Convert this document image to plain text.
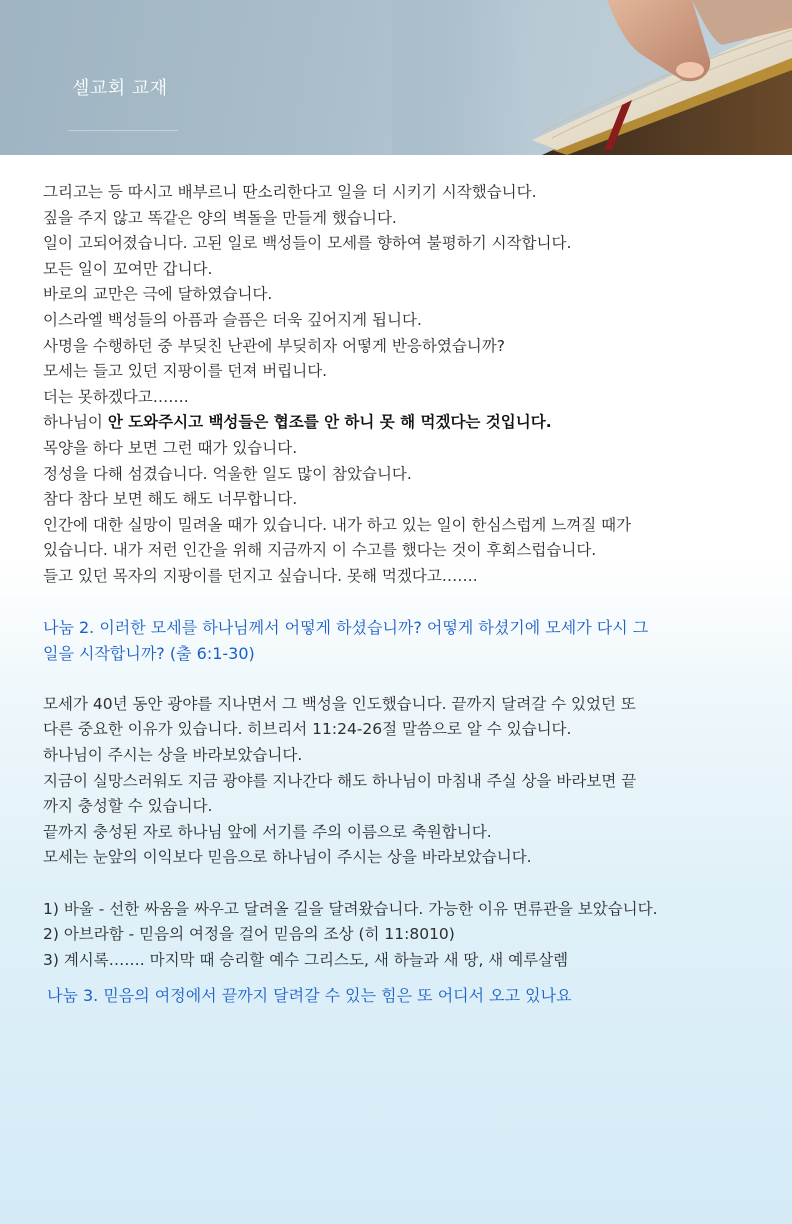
셀교회 교재
그리고는 등 따시고 배부르니 딴소리한다고 일을 더 시키기 시작했습니다.
짚을 주지 않고 똑같은 양의 벽돌을 만들게 했습니다.
일이 고되어졌습니다. 고된 일로 백성들이 모세를 향하여 불평하기 시작합니다.
모든 일이 꼬여만 갑니다.
바로의 교만은 극에 달하였습니다.
이스라엘 백성들의 아픔과 슬픔은 더욱 깊어지게 됩니다.
사명을 수행하던 중 부딪친 난관에 부딪히자 어떻게 반응하였습니까?
모세는 들고 있던 지팡이를 던져 버립니다.
더는 못하겠다고…….
하나님이 안 도와주시고 백성들은 협조를 안 하니 못 해 먹겠다는 것입니다.
목양을 하다 보면 그런 때가 있습니다.
정성을 다해 섬겼습니다. 억울한 일도 많이 참았습니다.
참다 참다 보면 해도 해도 너무합니다.
인간에 대한 실망이 밀려올 때가 있습니다. 내가 하고 있는 일이 한심스럽게 느껴질 때가
있습니다. 내가 저런 인간을 위해 지금까지 이 수고를 했다는 것이 후회스럽습니다.
들고 있던 목자의 지팡이를 던지고 싶습니다. 못해 먹겠다고…….
나눔 2. 이러한 모세를 하나님께서 어떻게 하셨습니까? 어떻게 하셨기에 모세가 다시 그
일을 시작합니까? (출 6:1-30)
모세가 40년 동안 광야를 지나면서 그 백성을 인도했습니다. 끝까지 달려갈 수 있었던 또
다른 중요한 이유가 있습니다. 히브리서 11:24-26절 말씀으로 알 수 있습니다.
하나님이 주시는 상을 바라보았습니다.
지금이 실망스러워도 지금 광야를 지나간다 해도 하나님이 마침내 주실 상을 바라보면 끝
까지 충성할 수 있습니다.
끝까지 충성된 자로 하나님 앞에 서기를 주의 이름으로 축원합니다.
모세는 눈앞의 이익보다 믿음으로 하나님이 주시는 상을 바라보았습니다.
1) 바울 - 선한 싸움을 싸우고 달려올 길을 달려왔습니다. 가능한 이유 면류관을 보았습니다.
2) 아브라함 - 믿음의 여정을 걸어 믿음의 조상 (히 11:8010)
3) 계시록……. 마지막 때 승리할 예수 그리스도, 새 하늘과 새 땅, 새 예루살렘
나눔 3. 믿음의 여정에서 끝까지 달려갈 수 있는 힘은 또 어디서 오고 있나요
